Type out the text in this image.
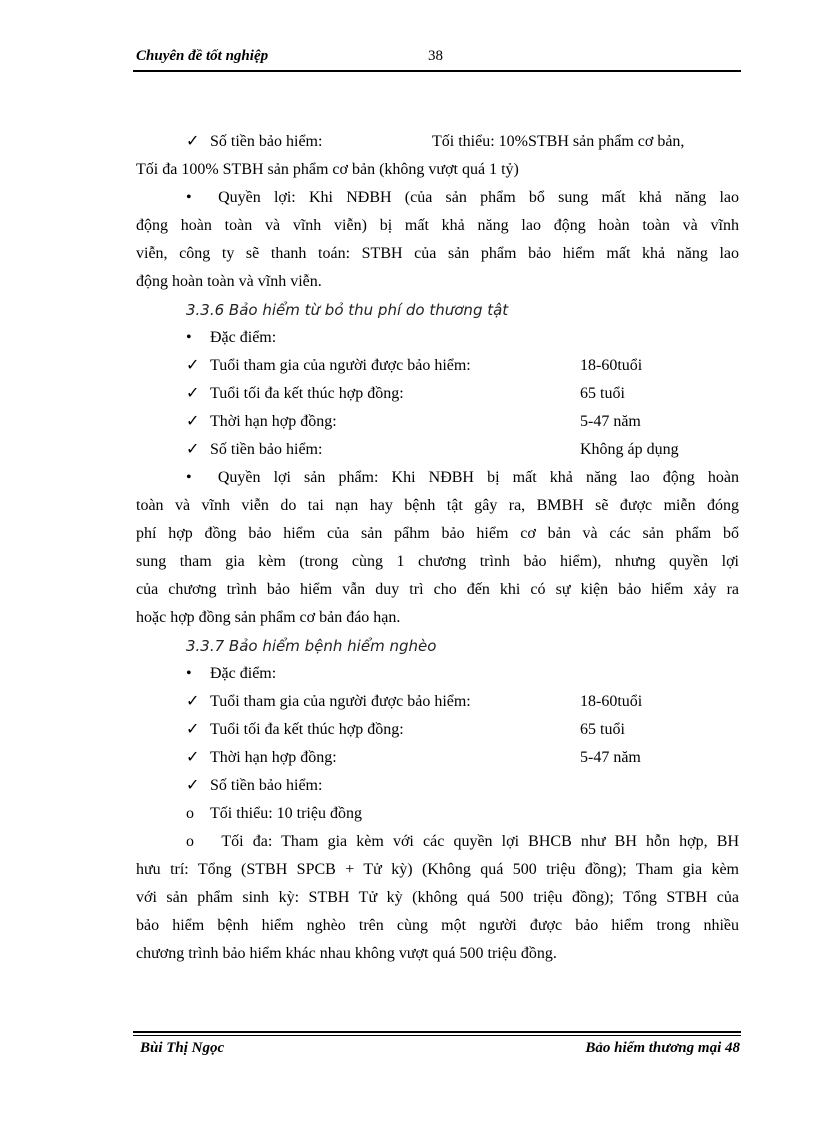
Chuyên đề tốt nghiệp	38
✓ Số tiền bảo hiểm:	Tối thiểu: 10%STBH sản phẩm cơ bản,
Tối đa 100% STBH sản phẩm cơ bản (không vượt quá 1 tỷ)
•  Quyền lợi: Khi NĐBH (của sản phẩm bổ sung mất khả năng lao
động hoàn toàn và vĩnh viễn) bị mất khả năng lao động hoàn toàn và vĩnh
viễn, công ty sẽ thanh toán: STBH của sản phẩm bảo hiểm mất khả năng lao
động hoàn toàn và vĩnh viễn.
3.3.6 Bảo hiểm từ bỏ thu phí do thương tật
• Đặc điểm:
✓ Tuổi tham gia của người được bảo hiểm:	18-60tuổi
✓ Tuổi tối đa kết thúc hợp đồng:	65 tuổi
✓ Thời hạn hợp đồng:	5-47 năm
✓ Số tiền bảo hiểm:	Không áp dụng
•  Quyền lợi sản phẩm: Khi NĐBH bị mất khả năng lao động hoàn
toàn và vĩnh viễn do tai nạn hay bệnh tật gây ra, BMBH sẽ được miễn đóng
phí hợp đồng bảo hiểm của sản pẩhm bảo hiểm cơ bản và các sản phẩm bổ
sung tham gia kèm (trong cùng 1 chương trình bảo hiểm), nhưng quyền lợi
của chương trình bảo hiểm vẫn duy trì cho đến khi có sự kiện bảo hiểm xảy ra
hoặc hợp đồng sản phẩm cơ bản đáo hạn.
3.3.7 Bảo hiểm bệnh hiểm nghèo
• Đặc điểm:
✓ Tuổi tham gia của người được bảo hiểm:	18-60tuổi
✓ Tuổi tối đa kết thúc hợp đồng:	65 tuổi
✓ Thời hạn hợp đồng:	5-47 năm
✓ Số tiền bảo hiểm:
o Tối thiểu: 10 triệu đồng
o   Tối đa: Tham gia kèm với các quyền lợi BHCB như BH hỗn hợp, BH
hưu trí: Tổng (STBH SPCB + Tử kỳ) (Không quá 500 triệu đồng); Tham gia kèm
với sản phẩm sinh kỳ: STBH Tử kỳ (không quá 500 triệu đồng); Tổng STBH của
bảo hiểm bệnh hiểm nghèo trên cùng một người được bảo hiểm trong nhiều
chương trình bảo hiểm khác nhau không vượt quá 500 triệu đồng.
Bùi Thị Ngọc	Bảo hiểm thương mại 48
